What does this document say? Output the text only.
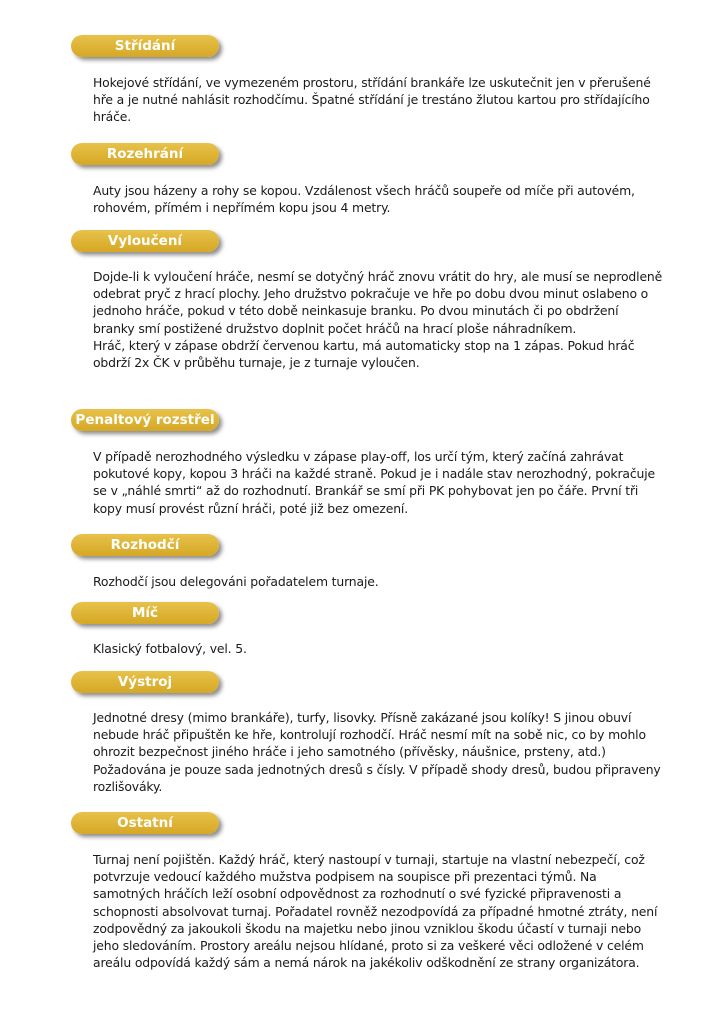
Střídání

Hokejové střídání, ve vymezeném prostoru, střídání brankáře lze uskutečnit jen v přerušené hře a je nutné nahlásit rozhodčímu. Špatné střídání je trestáno žlutou kartou pro střídajícího hráče.

Rozehrání

Auty jsou házeny a rohy se kopou. Vzdálenost všech hráčů soupeře od míče při autovém, rohovém, přímém i nepřímém kopu jsou 4 metry.

Vyloučení

Dojde-li k vyloučení hráče, nesmí se dotyčný hráč znovu vrátit do hry, ale musí se neprodleně odebrat pryč z hrací plochy. Jeho družstvo pokračuje ve hře po dobu dvou minut oslabeno o jednoho hráče, pokud v této době neinkasuje branku. Po dvou minutách či po obdržení branky smí postižené družstvo doplnit počet hráčů na hrací ploše náhradníkem.

Hráč, který v zápase obdrží červenou kartu, má automaticky stop na 1 zápas. Pokud hráč obdrží 2x ČK v průběhu turnaje, je z turnaje vyloučen.

Penaltový rozstřel

V případě nerozhodného výsledku v zápase play-off, los určí tým, který začíná zahrávat pokutové kopy, kopou 3 hráči na každé straně. Pokud je i nadále stav nerozhodný, pokračuje se v „náhlé smrti“ až do rozhodnutí. Brankář se smí při PK pohybovat jen po čáře. První tři kopy musí provést různí hráči, poté již bez omezení.

Rozhodčí

Rozhodčí jsou delegováni pořadatelem turnaje.

Míč

Klasický fotbalový, vel. 5.

Výstroj

Jednotné dresy (mimo brankáře), turfy, lisovky. Přísně zakázané jsou kolíky! S jinou obuví nebude hráč připuštěn ke hře, kontrolují rozhodčí. Hráč nesmí mít na sobě nic, co by mohlo ohrozit bezpečnost jiného hráče i jeho samotného (přívěsky, náušnice, prsteny, atd.) Požadována je pouze sada jednotných dresů s čísly. V případě shody dresů, budou připraveny rozlišováky.

Ostatní

Turnaj není pojištěn. Každý hráč, který nastoupí v turnaji, startuje na vlastní nebezpečí, což potvrzuje vedoucí každého mužstva podpisem na soupisce při prezentaci týmů. Na samotných hráčích leží osobní odpovědnost za rozhodnutí o své fyzické připravenosti a schopnosti absolvovat turnaj. Pořadatel rovněž nezodpovídá za případné hmotné ztráty, není zodpovědný za jakoukoli škodu na majetku nebo jinou vzniklou škodu účastí v turnaji nebo jeho sledováním. Prostory areálu nejsou hlídané, proto si za veškeré věci odložené v celém areálu odpovídá každý sám a nemá nárok na jakékoliv odškodnění ze strany organizátora.
